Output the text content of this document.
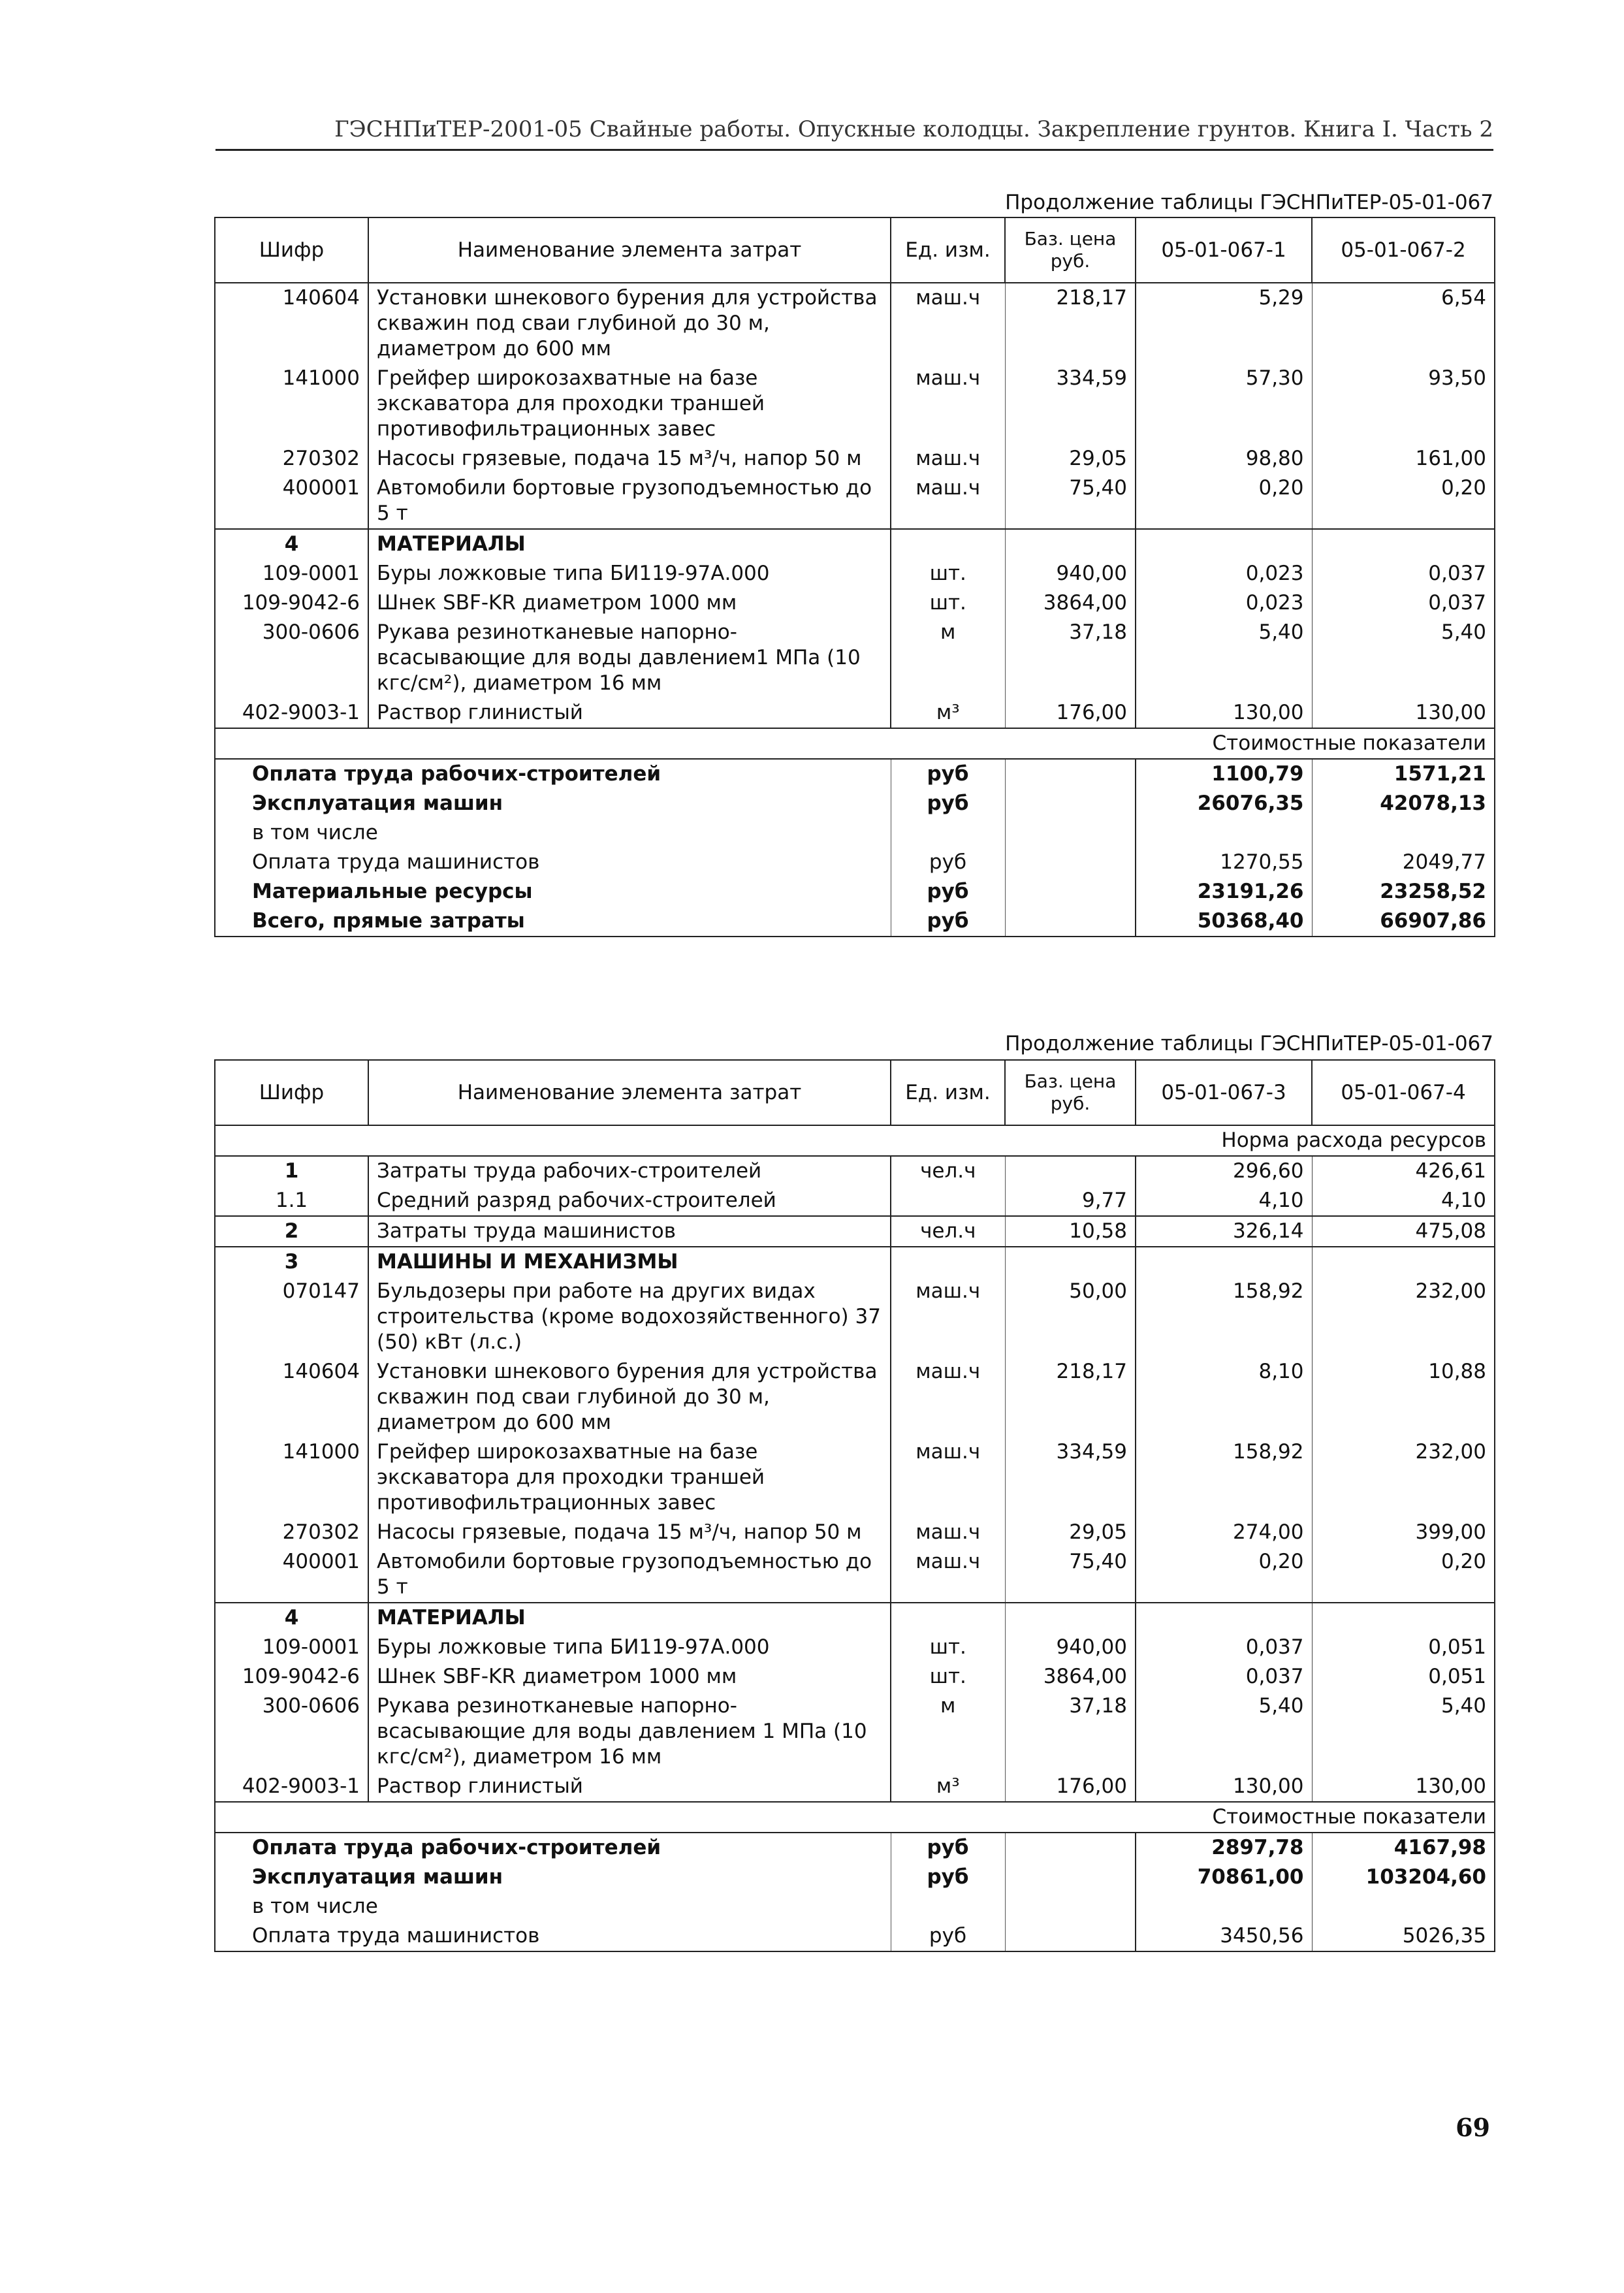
ГЭСНПиТЕР-2001-05 Свайные работы. Опускные колодцы. Закрепление грунтов. Книга I. Часть 2
Продолжение таблицы ГЭСНПиТЕР-05-01-067
Шифр	Наименование элемента затрат	Ед. изм.	Баз. цена руб.	05-01-067-1	05-01-067-2
140604	Установки шнекового бурения для устройства скважин под сваи глубиной до 30 м, диаметром до 600 мм	маш.ч	218,17	5,29	6,54
141000	Грейфер широкозахватные на базе экскаватора для проходки траншей противофильтрационных завес	маш.ч	334,59	57,30	93,50
270302	Насосы грязевые, подача 15 м³/ч, напор 50 м	маш.ч	29,05	98,80	161,00
400001	Автомобили бортовые грузоподъемностью до 5 т	маш.ч	75,40	0,20	0,20
4	МАТЕРИАЛЫ				
109-0001	Буры ложковые типа БИ119-97А.000	шт.	940,00	0,023	0,037
109-9042-6	Шнек SBF-KR диаметром 1000 мм	шт.	3864,00	0,023	0,037
300-0606	Рукава резинотканевые напорно-всасывающие для воды давлением1 МПа (10 кгс/см²), диаметром 16 мм	м	37,18	5,40	5,40
402-9003-1	Раствор глинистый	м³	176,00	130,00	130,00
Стоимостные показатели					
Оплата труда рабочих-строителей		руб		1100,79	1571,21
Эксплуатация машин		руб		26076,35	42078,13
в том числе					
Оплата труда машинистов		руб		1270,55	2049,77
Материальные ресурсы		руб		23191,26	23258,52
Всего, прямые затраты		руб		50368,40	66907,86
Продолжение таблицы ГЭСНПиТЕР-05-01-067
Шифр	Наименование элемента затрат	Ед. изм.	Баз. цена руб.	05-01-067-3	05-01-067-4
Норма расхода ресурсов					
1	Затраты труда рабочих-строителей	чел.ч		296,60	426,61
1.1	Средний разряд рабочих-строителей		9,77	4,10	4,10
2	Затраты труда машинистов	чел.ч	10,58	326,14	475,08
3	МАШИНЫ И МЕХАНИЗМЫ				
070147	Бульдозеры при работе на других видах строительства (кроме водохозяйственного) 37 (50) кВт (л.с.)	маш.ч	50,00	158,92	232,00
140604	Установки шнекового бурения для устройства скважин под сваи глубиной до 30 м, диаметром до 600 мм	маш.ч	218,17	8,10	10,88
141000	Грейфер широкозахватные на базе экскаватора для проходки траншей противофильтрационных завес	маш.ч	334,59	158,92	232,00
270302	Насосы грязевые, подача 15 м³/ч, напор 50 м	маш.ч	29,05	274,00	399,00
400001	Автомобили бортовые грузоподъемностью до 5 т	маш.ч	75,40	0,20	0,20
4	МАТЕРИАЛЫ				
109-0001	Буры ложковые типа БИ119-97А.000	шт.	940,00	0,037	0,051
109-9042-6	Шнек SBF-KR диаметром 1000 мм	шт.	3864,00	0,037	0,051
300-0606	Рукава резинотканевые напорно-всасывающие для воды давлением 1 МПа (10 кгс/см²), диаметром 16 мм	м	37,18	5,40	5,40
402-9003-1	Раствор глинистый	м³	176,00	130,00	130,00
Стоимостные показатели					
Оплата труда рабочих-строителей		руб		2897,78	4167,98
Эксплуатация машин		руб		70861,00	103204,60
в том числе					
Оплата труда машинистов		руб		3450,56	5026,35
69
